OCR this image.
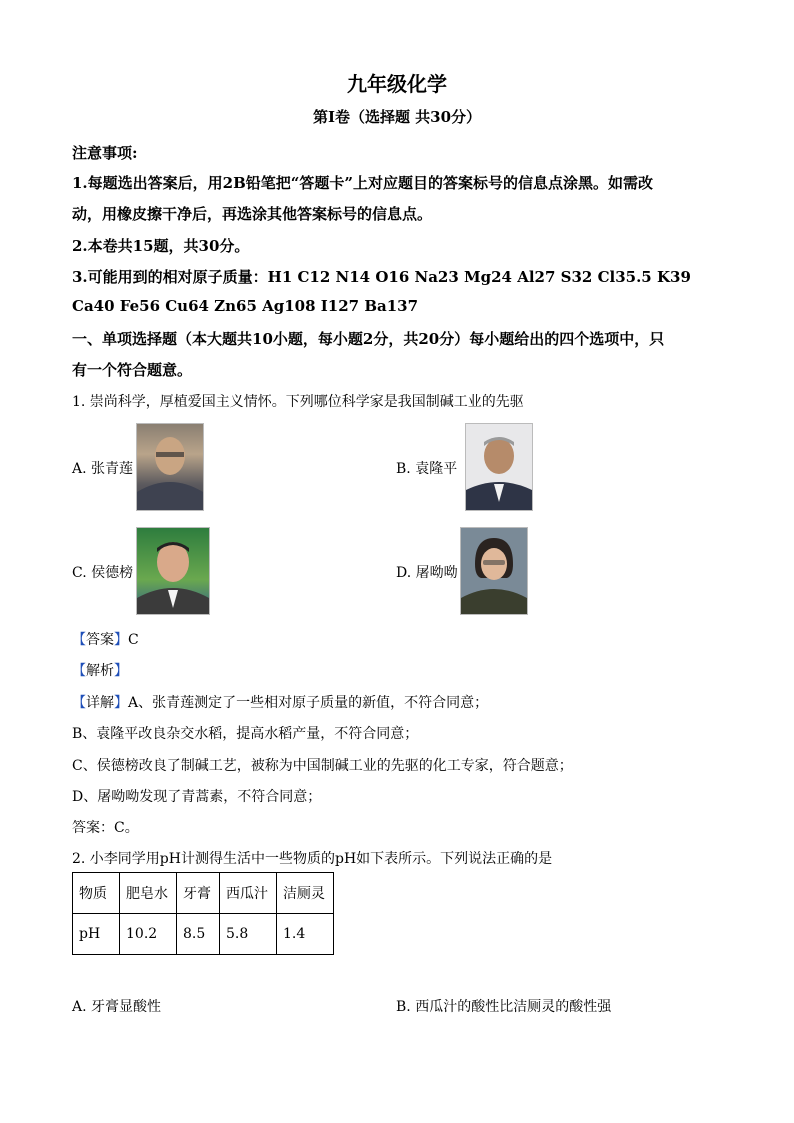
九年级化学
第Ⅰ卷（选择题 共30分）
注意事项:
1.每题选出答案后，用2B铅笔把“答题卡”上对应题目的答案标号的信息点涂黑。如需改
动，用橡皮擦干净后，再选涂其他答案标号的信息点。
2.本卷共15题，共30分。
3.可能用到的相对原子质量：H1 C12 N14 O16 Na23 Mg24 Al27 S32 Cl35.5 K39
Ca40 Fe56 Cu64 Zn65 Ag108 I127 Ba137
一、单项选择题（本大题共10小题，每小题2分，共20分）每小题给出的四个选项中，只
有一个符合题意。
1. 崇尚科学，厚植爱国主义情怀。下列哪位科学家是我国制碱工业的先驱
A. 张青莲	B. 袁隆平
C. 侯德榜	D. 屠呦呦
【答案】C
【解析】
【详解】A、张青莲测定了一些相对原子质量的新值，不符合同意；
B、袁隆平改良杂交水稻，提高水稻产量，不符合同意；
C、侯德榜改良了制碱工艺，被称为中国制碱工业的先驱的化工专家，符合题意；
D、屠呦呦发现了青蒿素，不符合同意；
答案：C。
2. 小李同学用pH计测得生活中一些物质的pH如下表所示。下列说法正确的是
物质	肥皂水	牙膏	西瓜汁	洁厕灵
pH	10.2	8.5	5.8	1.4
A. 牙膏显酸性	B. 西瓜汁的酸性比洁厕灵的酸性强
